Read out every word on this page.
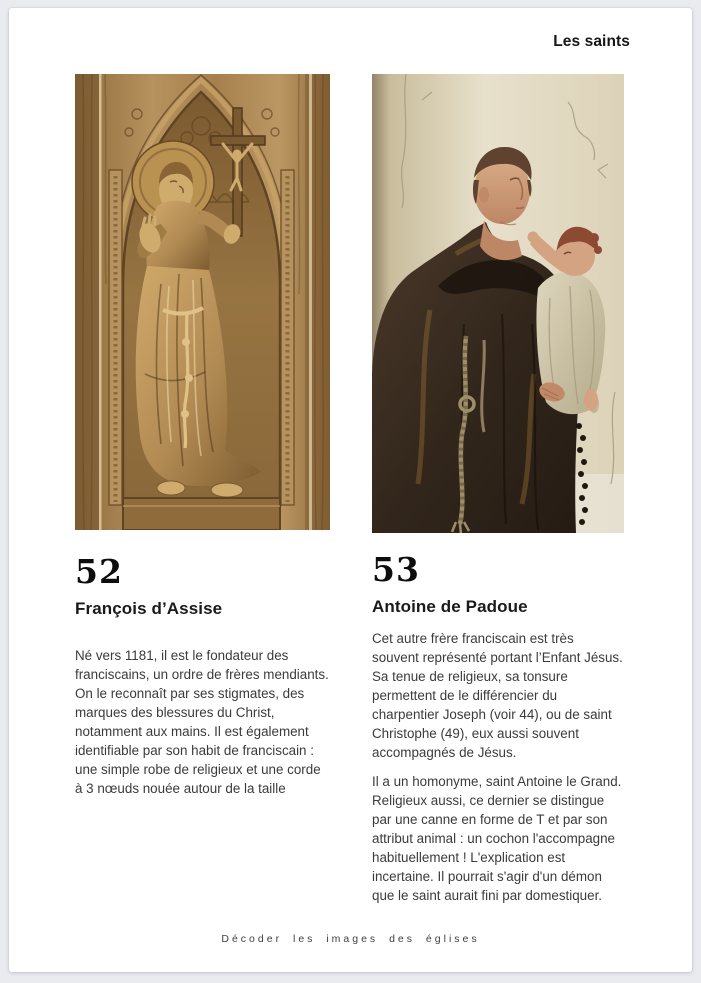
Les saints
52
François d’Assise

Né vers 1181, il est le fondateur des franciscains, un ordre de frères mendiants. On le reconnaît par ses stigmates, des marques des blessures du Christ, notamment aux mains. Il est également identifiable par son habit de franciscain : une simple robe de religieux et une corde à 3 nœuds nouée autour de la taille

53
Antoine de Padoue

Cet autre frère franciscain est très souvent représenté portant l’Enfant Jésus. Sa tenue de religieux, sa tonsure permettent de le différencier du charpentier Joseph (voir 44), ou de saint Christophe (49), eux aussi souvent accompagnés de Jésus.

Il a un homonyme, saint Antoine le Grand. Religieux aussi, ce dernier se distingue par une canne en forme de T et par son attribut animal : un cochon l'accompagne habituellement ! L'explication est incertaine. Il pourrait s'agir d'un démon que le saint aurait fini par domestiquer.

Décoder les images des églises
